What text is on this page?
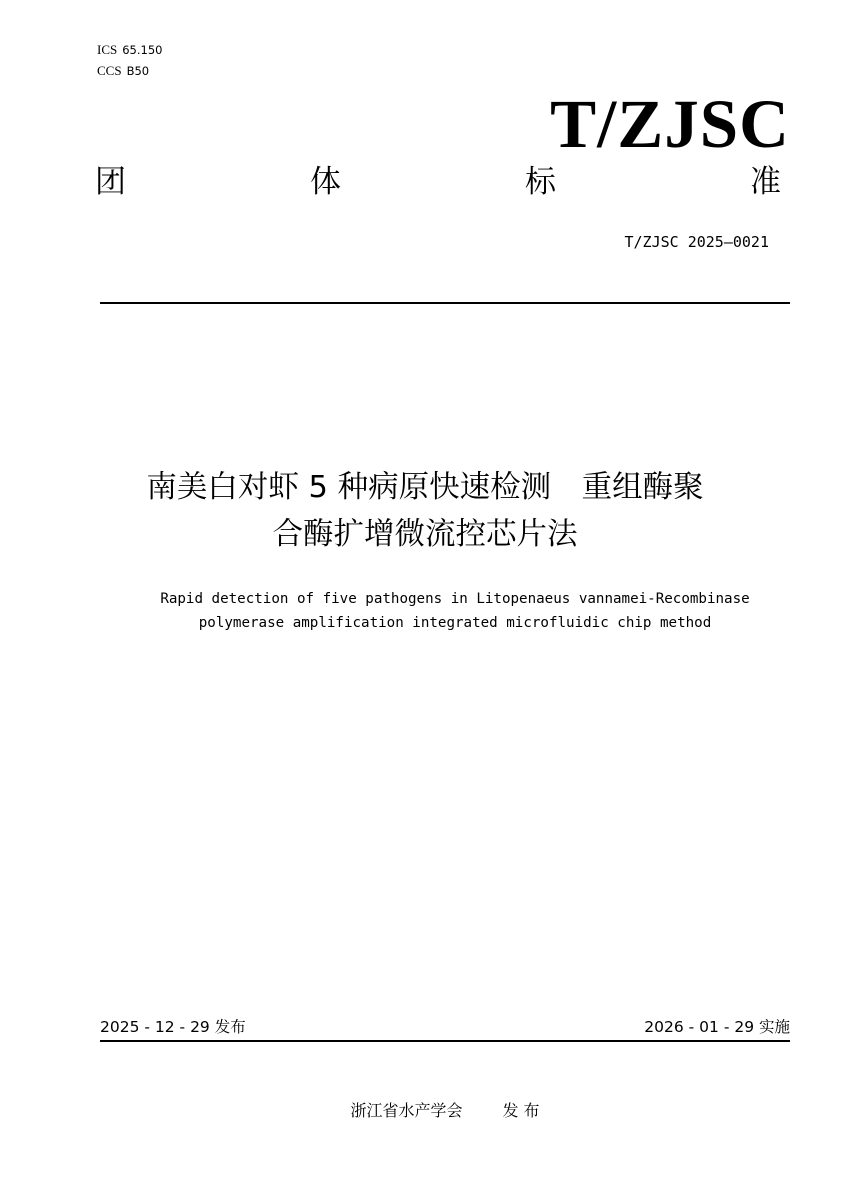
ICS 65.150
CCS B50
T/ZJSC
团	体	标	准
T/ZJSC 2025—0021
南美白对虾 5 种病原快速检测　重组酶聚
合酶扩增微流控芯片法
Rapid detection of five pathogens in Litopenaeus vannamei-Recombinase
polymerase amplification integrated microfluidic chip method
2025 - 12 - 29 发布	2026 - 01 - 29 实施
浙江省水产学会	发 布
